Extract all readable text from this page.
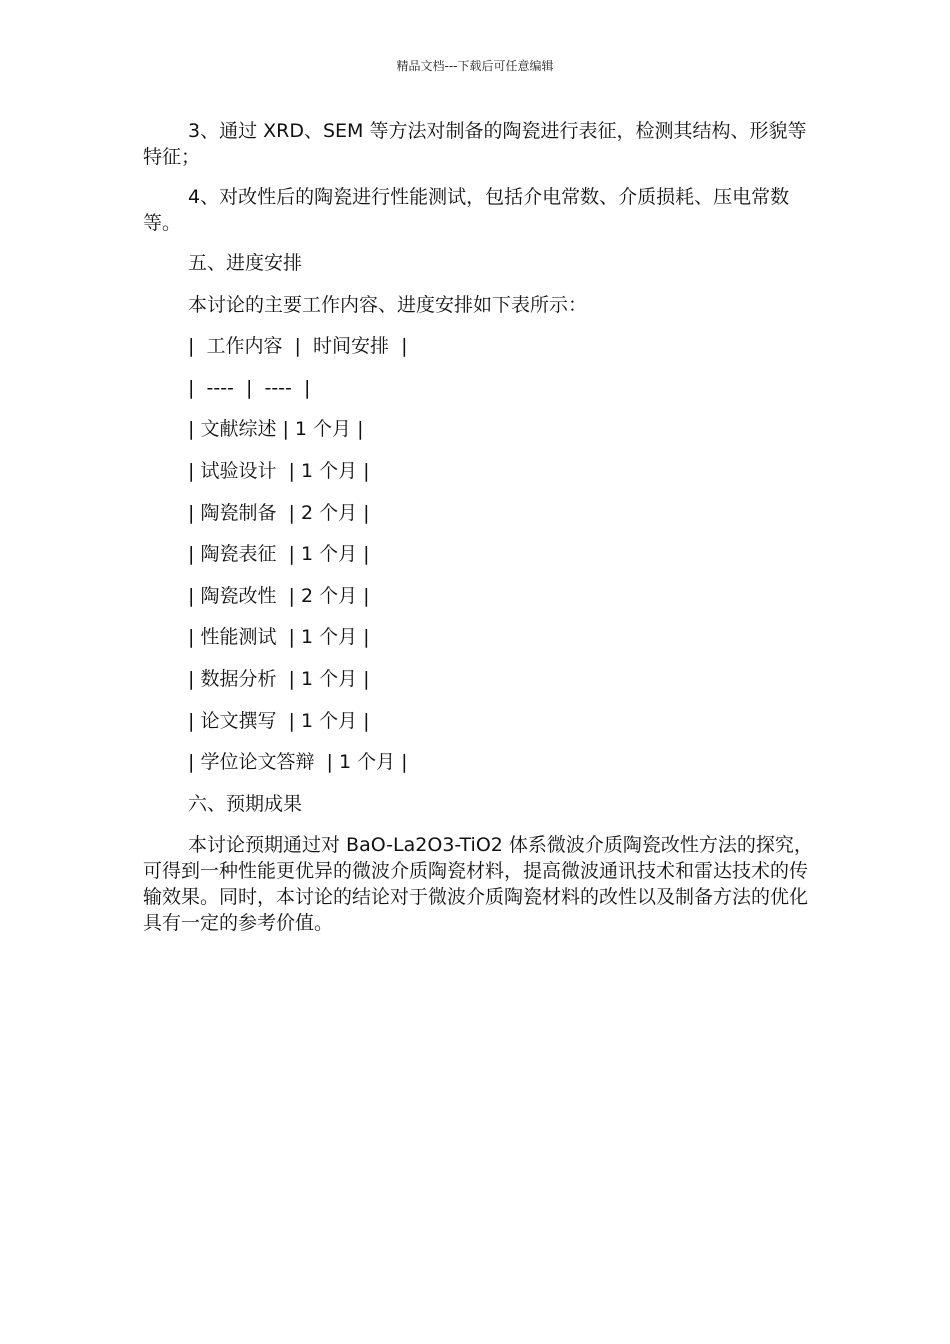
精品文档---下载后可任意编辑

3、通过 XRD、SEM 等方法对制备的陶瓷进行表征，检测其结构、形貌等特征；

4、对改性后的陶瓷进行性能测试，包括介电常数、介质损耗、压电常数等。

五、进度安排

本讨论的主要工作内容、进度安排如下表所示：

|  工作内容  |  时间安排  |

|  ----  |  ----  |

| 文献综述 | 1 个月 |

| 试验设计  | 1 个月 |

| 陶瓷制备  | 2 个月 |

| 陶瓷表征  | 1 个月 |

| 陶瓷改性  | 2 个月 |

| 性能测试  | 1 个月 |

| 数据分析  | 1 个月 |

| 论文撰写  | 1 个月 |

| 学位论文答辩  | 1 个月 |

六、预期成果

本讨论预期通过对 BaO-La2O3-TiO2 体系微波介质陶瓷改性方法的探究，可得到一种性能更优异的微波介质陶瓷材料，提高微波通讯技术和雷达技术的传输效果。同时，本讨论的结论对于微波介质陶瓷材料的改性以及制备方法的优化具有一定的参考价值。
